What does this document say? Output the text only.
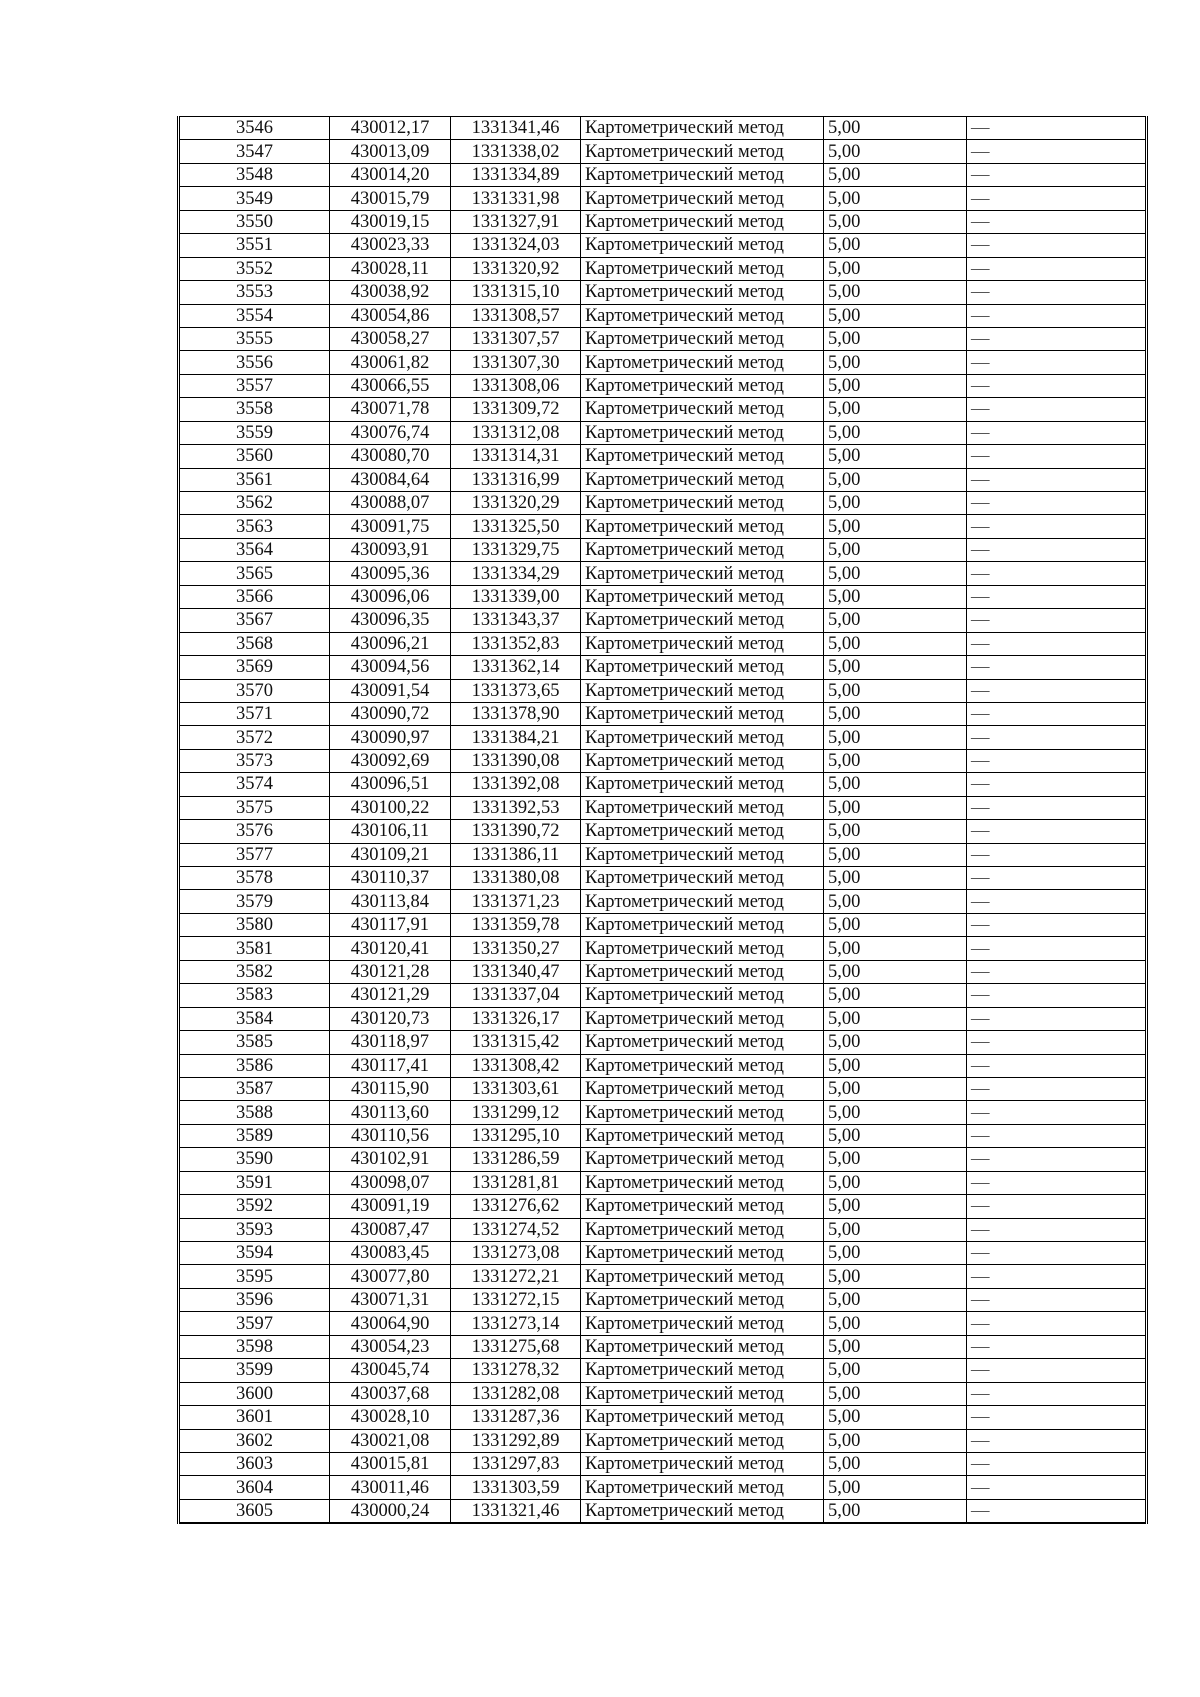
3546	430012,17	1331341,46	Картометрический метод	5,00	—
3547	430013,09	1331338,02	Картометрический метод	5,00	—
3548	430014,20	1331334,89	Картометрический метод	5,00	—
3549	430015,79	1331331,98	Картометрический метод	5,00	—
3550	430019,15	1331327,91	Картометрический метод	5,00	—
3551	430023,33	1331324,03	Картометрический метод	5,00	—
3552	430028,11	1331320,92	Картометрический метод	5,00	—
3553	430038,92	1331315,10	Картометрический метод	5,00	—
3554	430054,86	1331308,57	Картометрический метод	5,00	—
3555	430058,27	1331307,57	Картометрический метод	5,00	—
3556	430061,82	1331307,30	Картометрический метод	5,00	—
3557	430066,55	1331308,06	Картометрический метод	5,00	—
3558	430071,78	1331309,72	Картометрический метод	5,00	—
3559	430076,74	1331312,08	Картометрический метод	5,00	—
3560	430080,70	1331314,31	Картометрический метод	5,00	—
3561	430084,64	1331316,99	Картометрический метод	5,00	—
3562	430088,07	1331320,29	Картометрический метод	5,00	—
3563	430091,75	1331325,50	Картометрический метод	5,00	—
3564	430093,91	1331329,75	Картометрический метод	5,00	—
3565	430095,36	1331334,29	Картометрический метод	5,00	—
3566	430096,06	1331339,00	Картометрический метод	5,00	—
3567	430096,35	1331343,37	Картометрический метод	5,00	—
3568	430096,21	1331352,83	Картометрический метод	5,00	—
3569	430094,56	1331362,14	Картометрический метод	5,00	—
3570	430091,54	1331373,65	Картометрический метод	5,00	—
3571	430090,72	1331378,90	Картометрический метод	5,00	—
3572	430090,97	1331384,21	Картометрический метод	5,00	—
3573	430092,69	1331390,08	Картометрический метод	5,00	—
3574	430096,51	1331392,08	Картометрический метод	5,00	—
3575	430100,22	1331392,53	Картометрический метод	5,00	—
3576	430106,11	1331390,72	Картометрический метод	5,00	—
3577	430109,21	1331386,11	Картометрический метод	5,00	—
3578	430110,37	1331380,08	Картометрический метод	5,00	—
3579	430113,84	1331371,23	Картометрический метод	5,00	—
3580	430117,91	1331359,78	Картометрический метод	5,00	—
3581	430120,41	1331350,27	Картометрический метод	5,00	—
3582	430121,28	1331340,47	Картометрический метод	5,00	—
3583	430121,29	1331337,04	Картометрический метод	5,00	—
3584	430120,73	1331326,17	Картометрический метод	5,00	—
3585	430118,97	1331315,42	Картометрический метод	5,00	—
3586	430117,41	1331308,42	Картометрический метод	5,00	—
3587	430115,90	1331303,61	Картометрический метод	5,00	—
3588	430113,60	1331299,12	Картометрический метод	5,00	—
3589	430110,56	1331295,10	Картометрический метод	5,00	—
3590	430102,91	1331286,59	Картометрический метод	5,00	—
3591	430098,07	1331281,81	Картометрический метод	5,00	—
3592	430091,19	1331276,62	Картометрический метод	5,00	—
3593	430087,47	1331274,52	Картометрический метод	5,00	—
3594	430083,45	1331273,08	Картометрический метод	5,00	—
3595	430077,80	1331272,21	Картометрический метод	5,00	—
3596	430071,31	1331272,15	Картометрический метод	5,00	—
3597	430064,90	1331273,14	Картометрический метод	5,00	—
3598	430054,23	1331275,68	Картометрический метод	5,00	—
3599	430045,74	1331278,32	Картометрический метод	5,00	—
3600	430037,68	1331282,08	Картометрический метод	5,00	—
3601	430028,10	1331287,36	Картометрический метод	5,00	—
3602	430021,08	1331292,89	Картометрический метод	5,00	—
3603	430015,81	1331297,83	Картометрический метод	5,00	—
3604	430011,46	1331303,59	Картометрический метод	5,00	—
3605	430000,24	1331321,46	Картометрический метод	5,00	—
